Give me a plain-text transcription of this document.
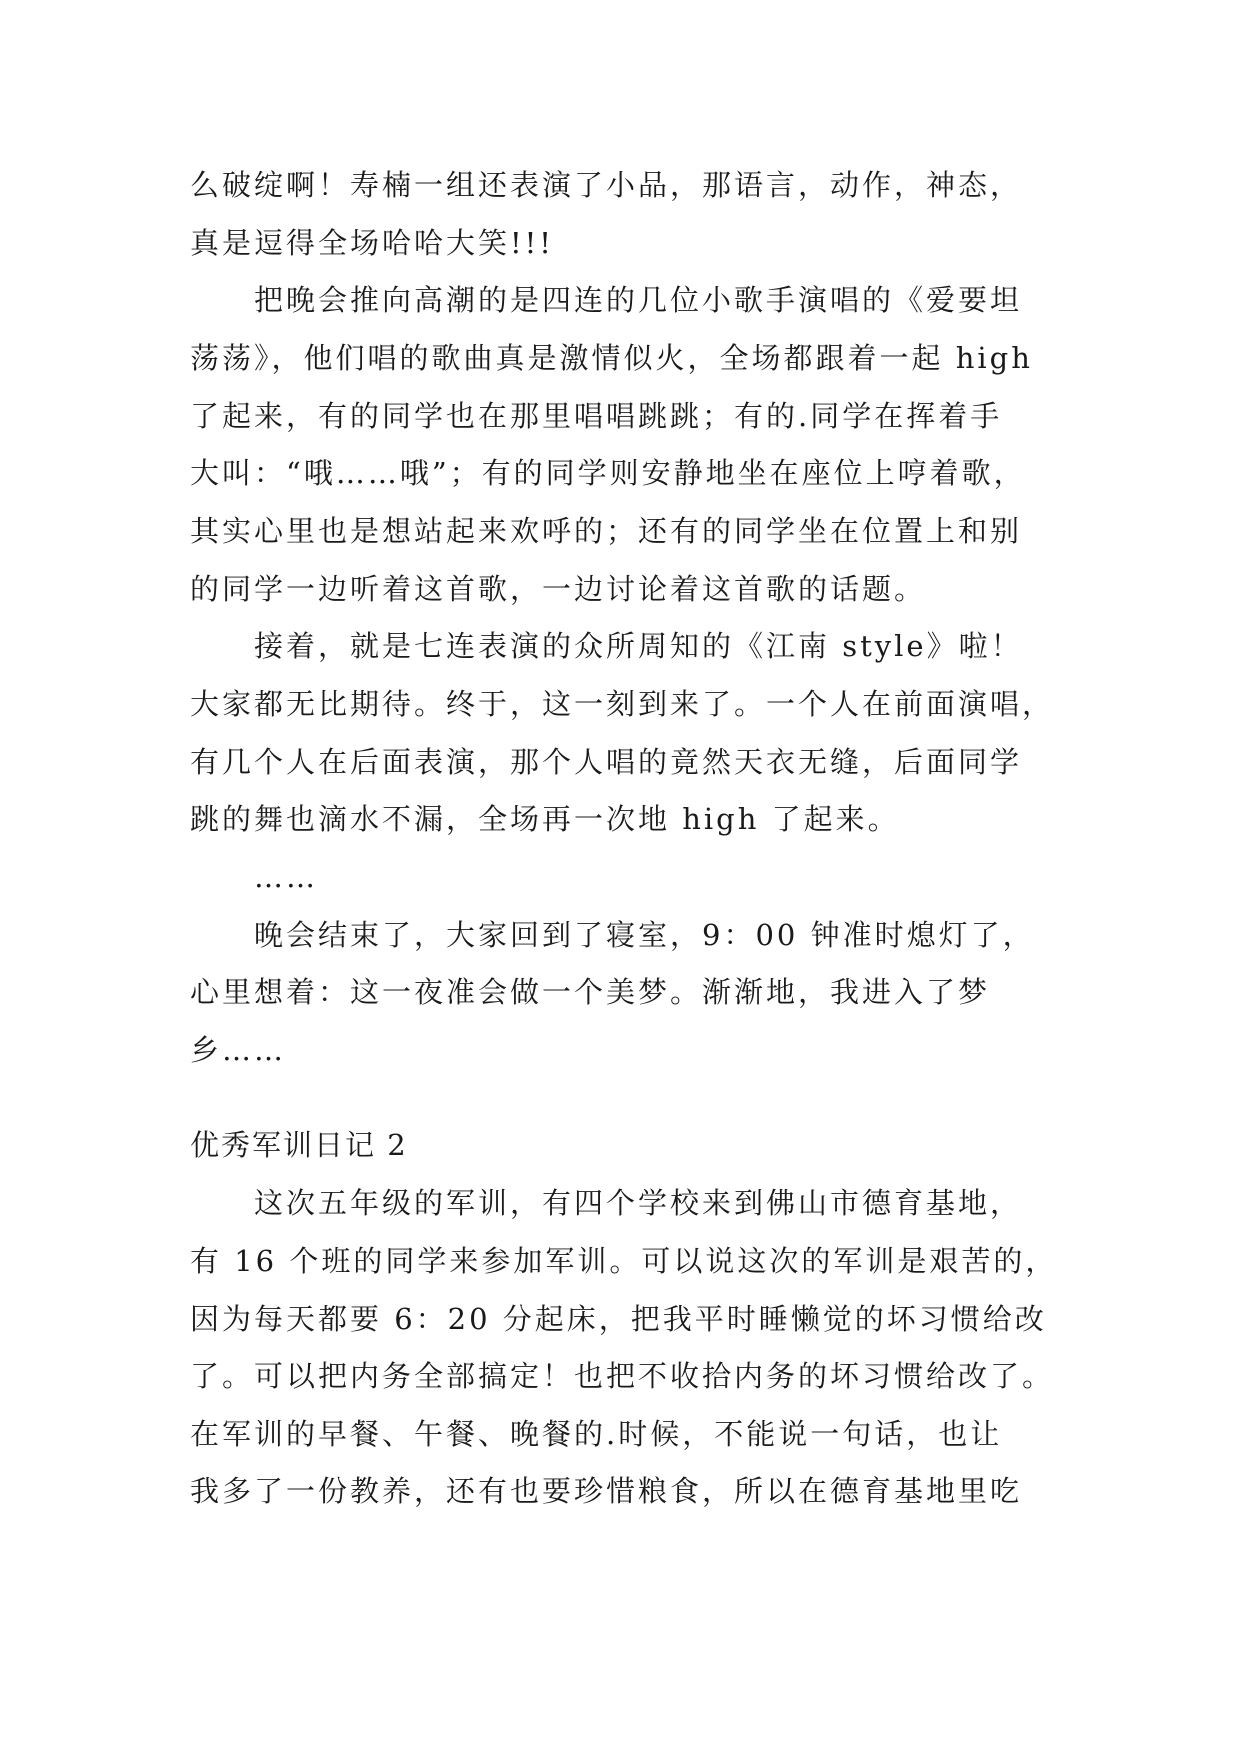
么破绽啊！寿楠一组还表演了小品，那语言，动作，神态，
真是逗得全场哈哈大笑!!!
把晚会推向高潮的是四连的几位小歌手演唱的《爱要坦
荡荡》，他们唱的歌曲真是激情似火，全场都跟着一起 high
了起来，有的同学也在那里唱唱跳跳；有的.同学在挥着手
大叫：“哦……哦”；有的同学则安静地坐在座位上哼着歌，
其实心里也是想站起来欢呼的；还有的同学坐在位置上和别
的同学一边听着这首歌，一边讨论着这首歌的话题。
接着，就是七连表演的众所周知的《江南 style》啦！
大家都无比期待。终于，这一刻到来了。一个人在前面演唱，
有几个人在后面表演，那个人唱的竟然天衣无缝，后面同学
跳的舞也滴水不漏，全场再一次地 high 了起来。
……
晚会结束了，大家回到了寝室，9：00 钟准时熄灯了，
心里想着：这一夜准会做一个美梦。渐渐地，我进入了梦
乡……
优秀军训日记 2
这次五年级的军训，有四个学校来到佛山市德育基地，
有 16 个班的同学来参加军训。可以说这次的军训是艰苦的，
因为每天都要 6：20 分起床，把我平时睡懒觉的坏习惯给改
了。可以把内务全部搞定！也把不收拾内务的坏习惯给改了。
在军训的早餐、午餐、晚餐的.时候，不能说一句话，也让
我多了一份教养，还有也要珍惜粮食，所以在德育基地里吃
